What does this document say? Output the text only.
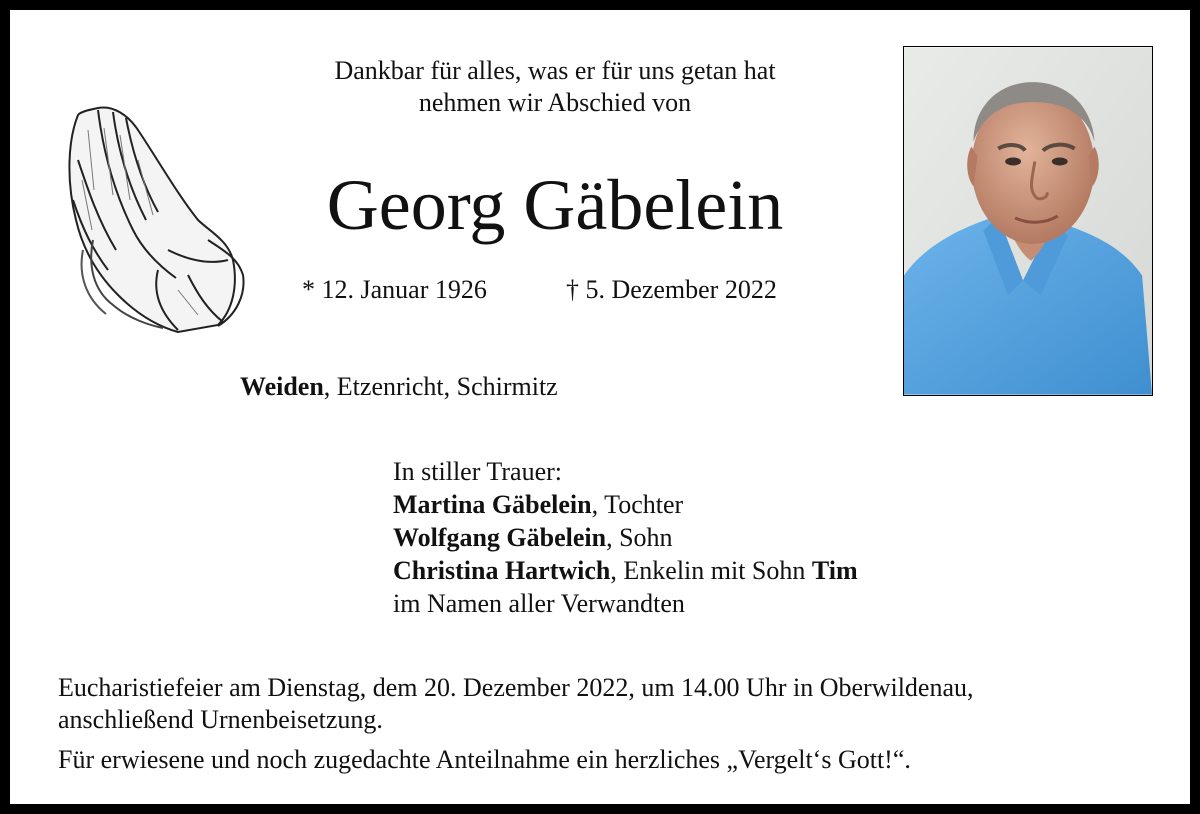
Dankbar für alles, was er für uns getan hat
nehmen wir Abschied von
Georg Gäbelein
* 12. Januar 1926	† 5. Dezember 2022
Weiden, Etzenricht, Schirmitz
In stiller Trauer:
Martina Gäbelein, Tochter
Wolfgang Gäbelein, Sohn
Christina Hartwich, Enkelin mit Sohn Tim
im Namen aller Verwandten

Eucharistiefeier am Dienstag, dem 20. Dezember 2022, um 14.00 Uhr in Oberwildenau,
anschließend Urnenbeisetzung.

Für erwiesene und noch zugedachte Anteilnahme ein herzliches „Vergelt‘s Gott!“.
